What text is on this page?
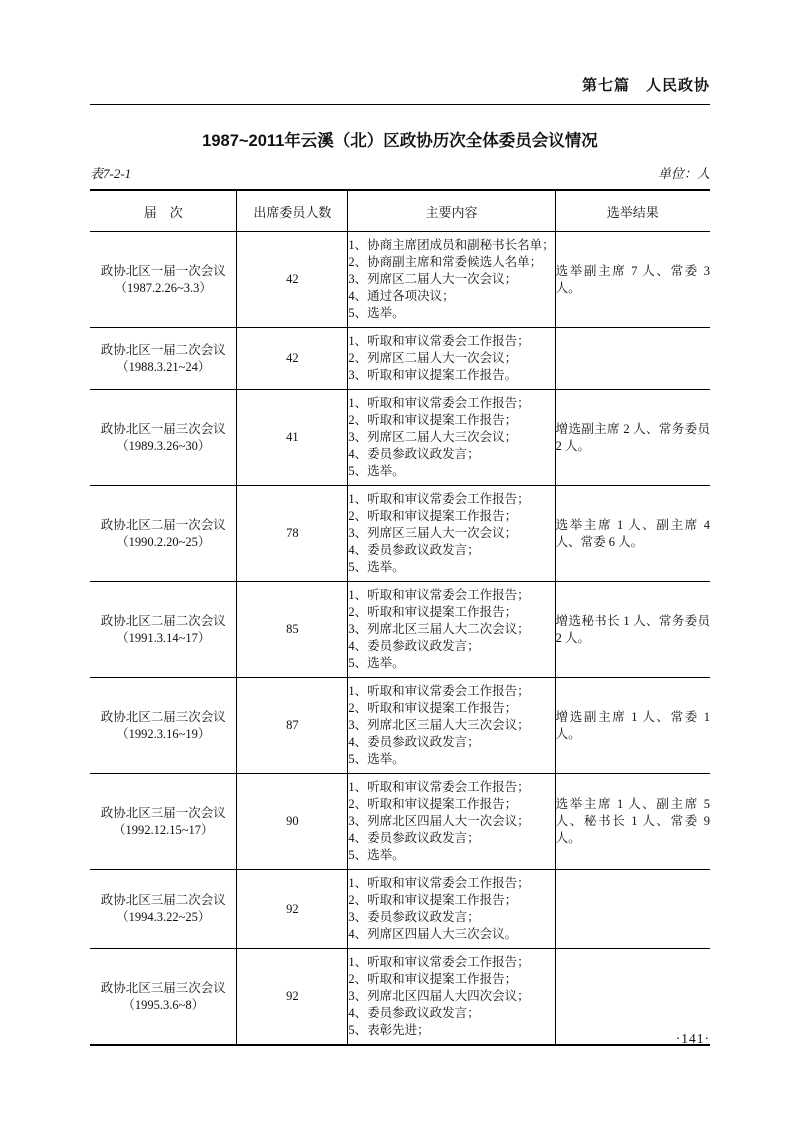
第七篇　人民政协
1987~2011年云溪（北）区政协历次全体委员会议情况
表7-2-1	单位：人
届　次	出席委员人数	主要内容	选举结果

政协北区一届一次会议
（1987.2.26~3.3）
	42	
1、协商主席团成员和副秘书长名单；
2、协商副主席和常委候选人名单；
3、列席区二届人大一次会议；
4、通过各项决议；
5、选举。
	选举副主席 7 人、常委 3 人。

政协北区一届二次会议
（1988.3.21~24）
	42	
1、听取和审议常委会工作报告；
2、列席区二届人大一次会议；
3、听取和审议提案工作报告。

政协北区一届三次会议
（1989.3.26~30）
	41	
1、听取和审议常委会工作报告；
2、听取和审议提案工作报告；
3、列席区二届人大三次会议；
4、委员参政议政发言；
5、选举。
	增选副主席 2 人、常务委员 2 人。

政协北区二届一次会议
（1990.2.20~25）
	78	
1、听取和审议常委会工作报告；
2、听取和审议提案工作报告；
3、列席区三届人大一次会议；
4、委员参政议政发言；
5、选举。
	选举主席 1 人、副主席 4 人、常委 6 人。

政协北区二届二次会议
（1991.3.14~17）
	85	
1、听取和审议常委会工作报告；
2、听取和审议提案工作报告；
3、列席北区三届人大二次会议；
4、委员参政议政发言；
5、选举。
	增选秘书长 1 人、常务委员 2 人。

政协北区二届三次会议
（1992.3.16~19）
	87	
1、听取和审议常委会工作报告；
2、听取和审议提案工作报告；
3、列席北区三届人大三次会议；
4、委员参政议政发言；
5、选举。
	增选副主席 1 人、常委 1 人。

政协北区三届一次会议
（1992.12.15~17）
	90	
1、听取和审议常委会工作报告；
2、听取和审议提案工作报告；
3、列席北区四届人大一次会议；
4、委员参政议政发言；
5、选举。
	选举主席 1 人、副主席 5 人、秘书长 1 人、常委 9 人。

政协北区三届二次会议
（1994.3.22~25）
	92	
1、听取和审议常委会工作报告；
2、听取和审议提案工作报告；
3、委员参政议政发言；
4、列席区四届人大三次会议。

政协北区三届三次会议
（1995.3.6~8）
	92	
1、听取和审议常委会工作报告；
2、听取和审议提案工作报告；
3、列席北区四届人大四次会议；
4、委员参政议政发言；
5、表彰先进；

·141·
